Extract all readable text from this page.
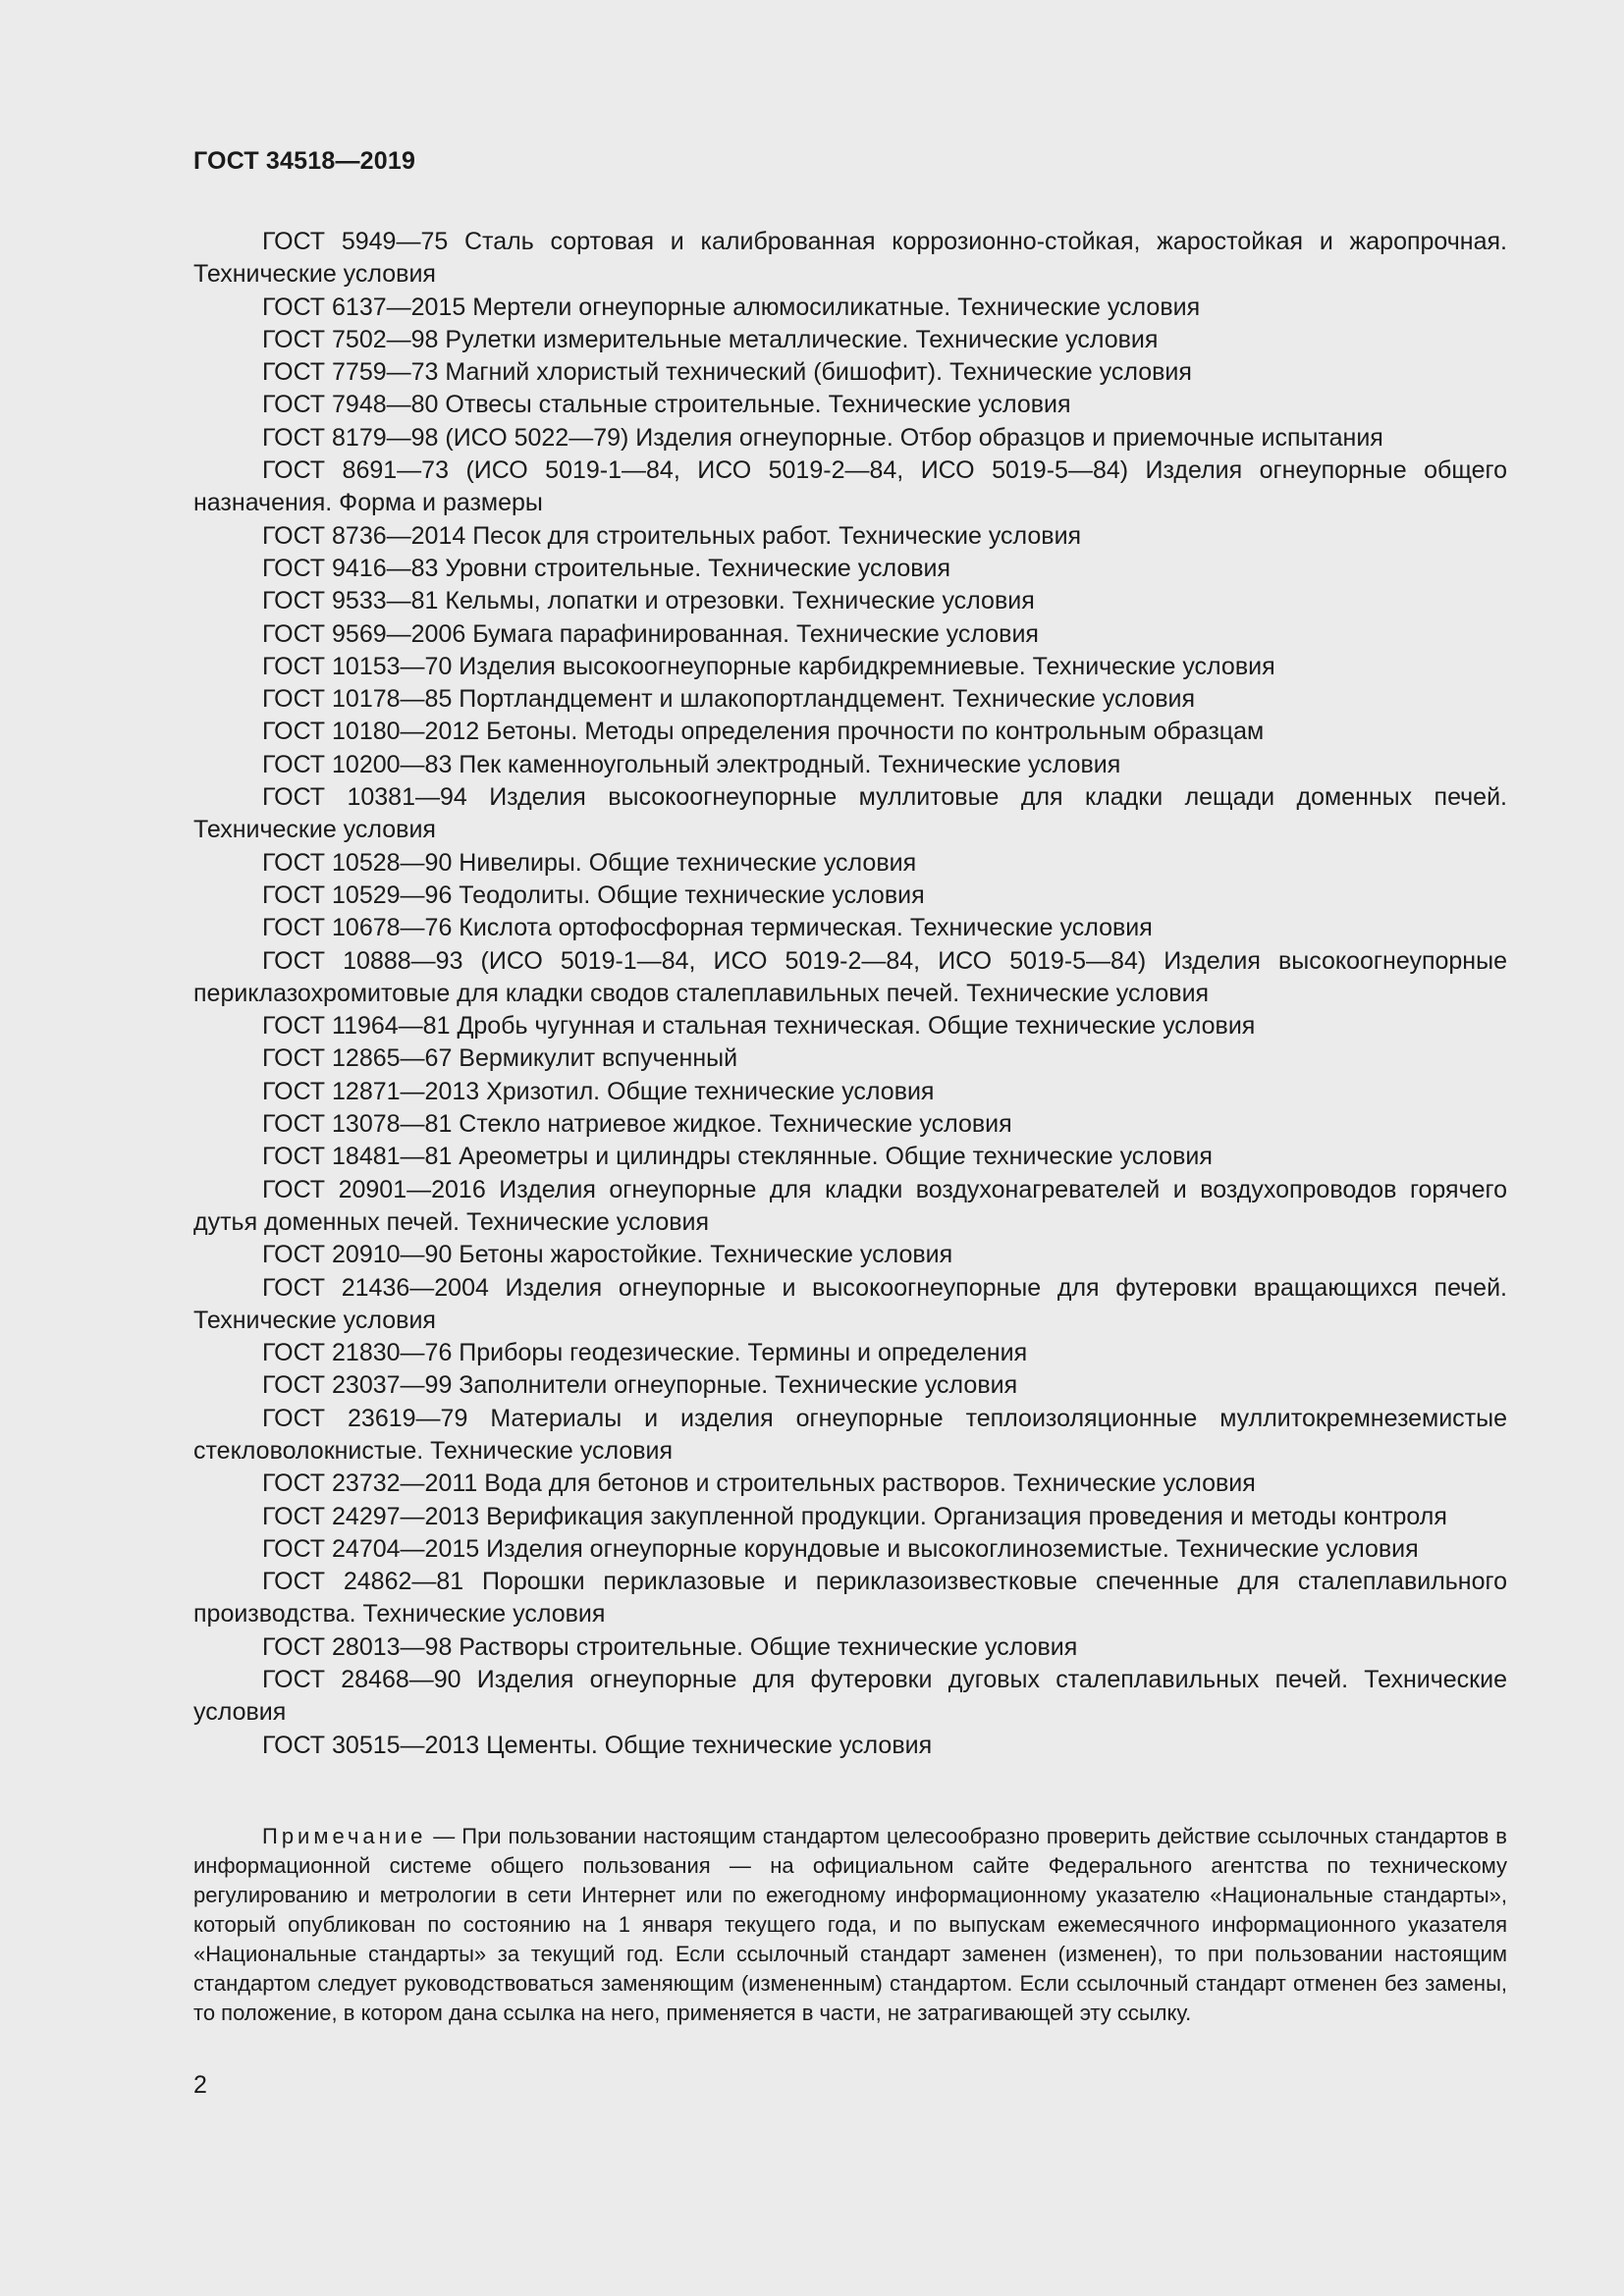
ГОСТ 34518—2019

ГОСТ 5949—75 Сталь сортовая и калиброванная коррозионно-стойкая, жаростойкая и жаропрочная. Технические условия

ГОСТ 6137—2015 Мертели огнеупорные алюмосиликатные. Технические условия

ГОСТ 7502—98 Рулетки измерительные металлические. Технические условия

ГОСТ 7759—73 Магний хлористый технический (бишофит). Технические условия

ГОСТ 7948—80 Отвесы стальные строительные. Технические условия

ГОСТ 8179—98 (ИСО 5022—79) Изделия огнеупорные. Отбор образцов и приемочные испытания

ГОСТ 8691—73 (ИСО 5019-1—84, ИСО 5019-2—84, ИСО 5019-5—84) Изделия огнеупорные общего назначения. Форма и размеры

ГОСТ 8736—2014 Песок для строительных работ. Технические условия

ГОСТ 9416—83 Уровни строительные. Технические условия

ГОСТ 9533—81 Кельмы, лопатки и отрезовки. Технические условия

ГОСТ 9569—2006 Бумага парафинированная. Технические условия

ГОСТ 10153—70 Изделия высокоогнеупорные карбидкремниевые. Технические условия

ГОСТ 10178—85 Портландцемент и шлакопортландцемент. Технические условия

ГОСТ 10180—2012 Бетоны. Методы определения прочности по контрольным образцам

ГОСТ 10200—83 Пек каменноугольный электродный. Технические условия

ГОСТ 10381—94 Изделия высокоогнеупорные муллитовые для кладки лещади доменных печей. Технические условия

ГОСТ 10528—90 Нивелиры. Общие технические условия

ГОСТ 10529—96 Теодолиты. Общие технические условия

ГОСТ 10678—76 Кислота ортофосфорная термическая. Технические условия

ГОСТ 10888—93 (ИСО 5019-1—84, ИСО 5019-2—84, ИСО 5019-5—84) Изделия высокоогнеупорные периклазохромитовые для кладки сводов сталеплавильных печей. Технические условия

ГОСТ 11964—81 Дробь чугунная и стальная техническая. Общие технические условия

ГОСТ 12865—67 Вермикулит вспученный

ГОСТ 12871—2013 Хризотил. Общие технические условия

ГОСТ 13078—81 Стекло натриевое жидкое. Технические условия

ГОСТ 18481—81 Ареометры и цилиндры стеклянные. Общие технические условия

ГОСТ 20901—2016 Изделия огнеупорные для кладки воздухонагревателей и воздухопроводов горячего дутья доменных печей. Технические условия

ГОСТ 20910—90 Бетоны жаростойкие. Технические условия

ГОСТ 21436—2004 Изделия огнеупорные и высокоогнеупорные для футеровки вращающихся печей. Технические условия

ГОСТ 21830—76 Приборы геодезические. Термины и определения

ГОСТ 23037—99 Заполнители огнеупорные. Технические условия

ГОСТ 23619—79 Материалы и изделия огнеупорные теплоизоляционные муллитокремнеземистые стекловолокнистые. Технические условия

ГОСТ 23732—2011 Вода для бетонов и строительных растворов. Технические условия

ГОСТ 24297—2013 Верификация закупленной продукции. Организация проведения и методы контроля

ГОСТ 24704—2015 Изделия огнеупорные корундовые и высокоглиноземистые. Технические условия

ГОСТ 24862—81 Порошки периклазовые и периклазоизвестковые спеченные для сталеплавильного производства. Технические условия

ГОСТ 28013—98 Растворы строительные. Общие технические условия

ГОСТ 28468—90 Изделия огнеупорные для футеровки дуговых сталеплавильных печей. Технические условия

ГОСТ 30515—2013 Цементы. Общие технические условия

Примечание — При пользовании настоящим стандартом целесообразно проверить действие ссылочных стандартов в информационной системе общего пользования — на официальном сайте Федерального агентства по техническому регулированию и метрологии в сети Интернет или по ежегодному информационному указателю «Национальные стандарты», который опубликован по состоянию на 1 января текущего года, и по выпускам ежемесячного информационного указателя «Национальные стандарты» за текущий год. Если ссылочный стандарт заменен (изменен), то при пользовании настоящим стандартом следует руководствоваться заменяющим (измененным) стандартом. Если ссылочный стандарт отменен без замены, то положение, в котором дана ссылка на него, применяется в части, не затрагивающей эту ссылку.

2
